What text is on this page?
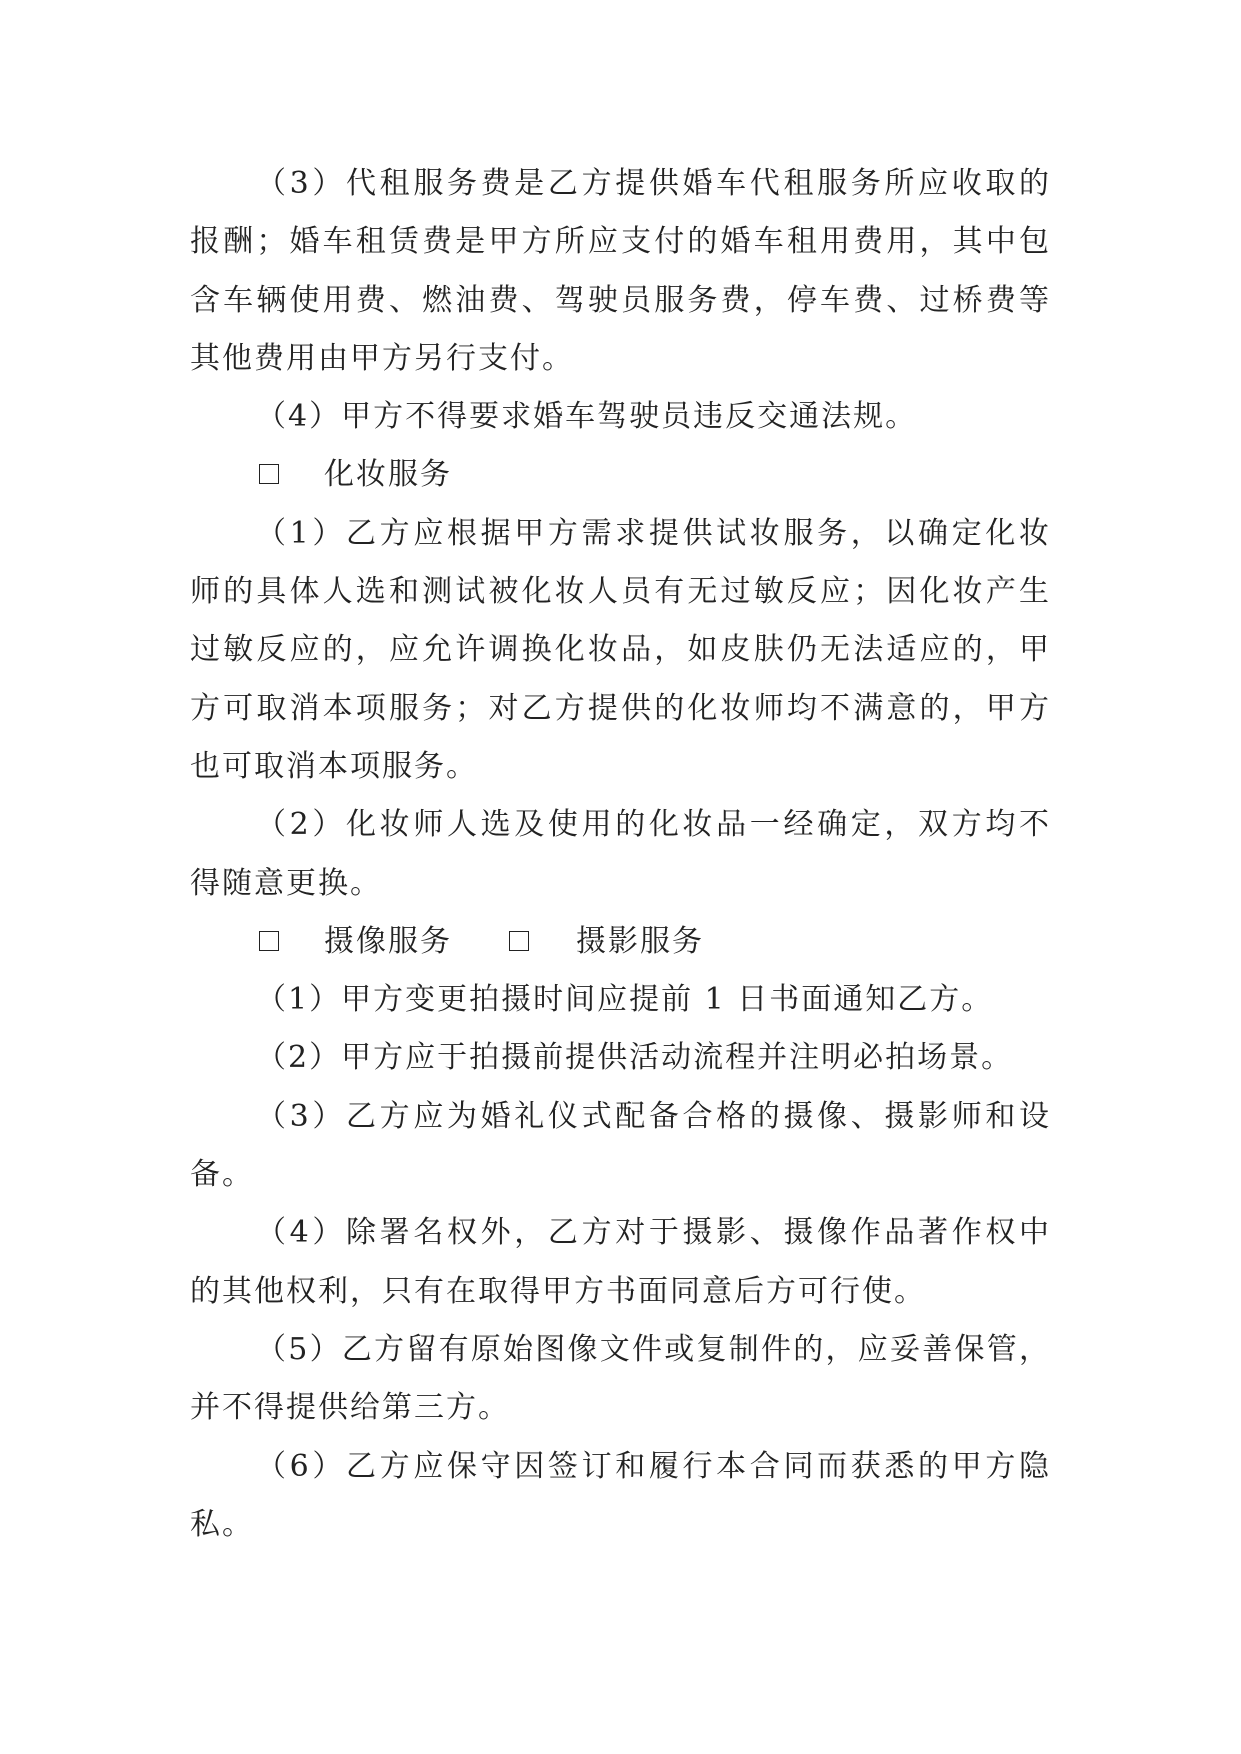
（3）代租服务费是乙方提供婚车代租服务所应收取的
报酬；婚车租赁费是甲方所应支付的婚车租用费用，其中包
含车辆使用费、燃油费、驾驶员服务费，停车费、过桥费等
其他费用由甲方另行支付。
（4）甲方不得要求婚车驾驶员违反交通法规。
化妆服务
（1）乙方应根据甲方需求提供试妆服务，以确定化妆
师的具体人选和测试被化妆人员有无过敏反应；因化妆产生
过敏反应的，应允许调换化妆品，如皮肤仍无法适应的，甲
方可取消本项服务；对乙方提供的化妆师均不满意的，甲方
也可取消本项服务。
（2）化妆师人选及使用的化妆品一经确定，双方均不
得随意更换。
摄像服务	摄影服务
（1）甲方变更拍摄时间应提前 1 日书面通知乙方。
（2）甲方应于拍摄前提供活动流程并注明必拍场景。
（3）乙方应为婚礼仪式配备合格的摄像、摄影师和设
备。
（4）除署名权外，乙方对于摄影、摄像作品著作权中
的其他权利，只有在取得甲方书面同意后方可行使。
（5）乙方留有原始图像文件或复制件的，应妥善保管，
并不得提供给第三方。
（6）乙方应保守因签订和履行本合同而获悉的甲方隐
私。
